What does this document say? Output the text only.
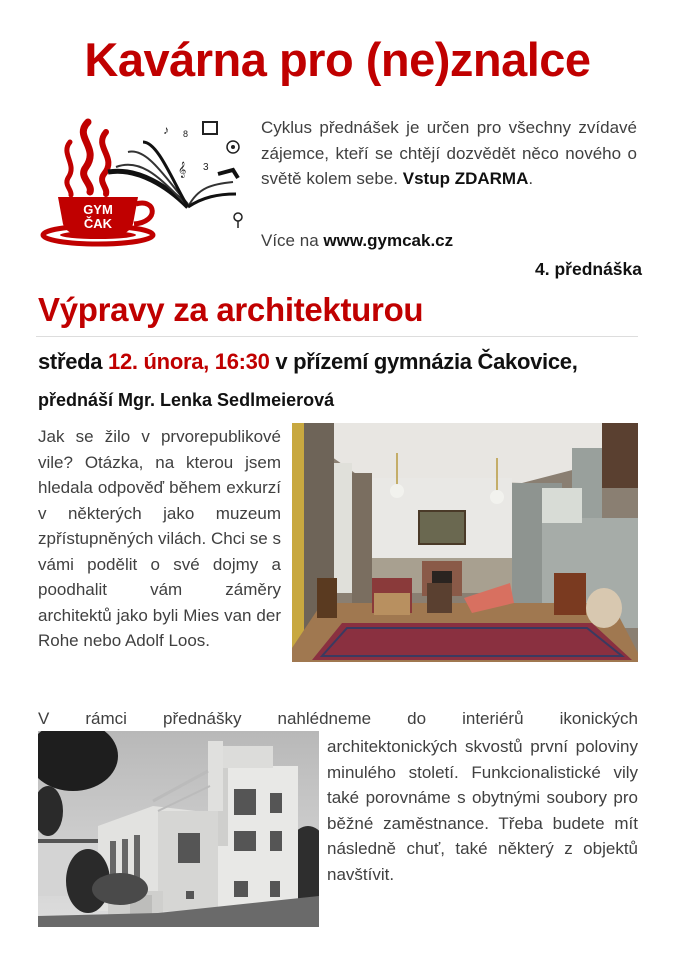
Kavárna pro (ne)znalce
GYM
ČAK
♪ 8
𝄞 3

Cyklus přednášek je určen pro všechny zvídavé zájemce, kteří se chtějí dozvědět něco nového o světě kolem sebe. Vstup ZDARMA.

Více na www.gymcak.cz
4. přednáška
Výpravy za architekturou
středa 12. února, 16:30 v přízemí gymnázia Čakovice,
přednáší Mgr. Lenka Sedlmeierová
Jak se žilo v prvorepublikové vile? Otázka, na kterou jsem hledala odpověď během exkurzí v některých jako muzeum zpřístupněných vilách. Chci se s vámi podělit o své dojmy a poodhalit vám záměry architektů jako byli Mies van der Rohe nebo Adolf Loos.
V rámci přednášky nahlédneme do interiérů ikonických
architektonických skvostů první poloviny minulého století. Funkcionalistické vily také porovnáme s obytnými soubory pro běžné zaměstnance. Třeba budete mít následně chuť, také některý z objektů navštívit.
